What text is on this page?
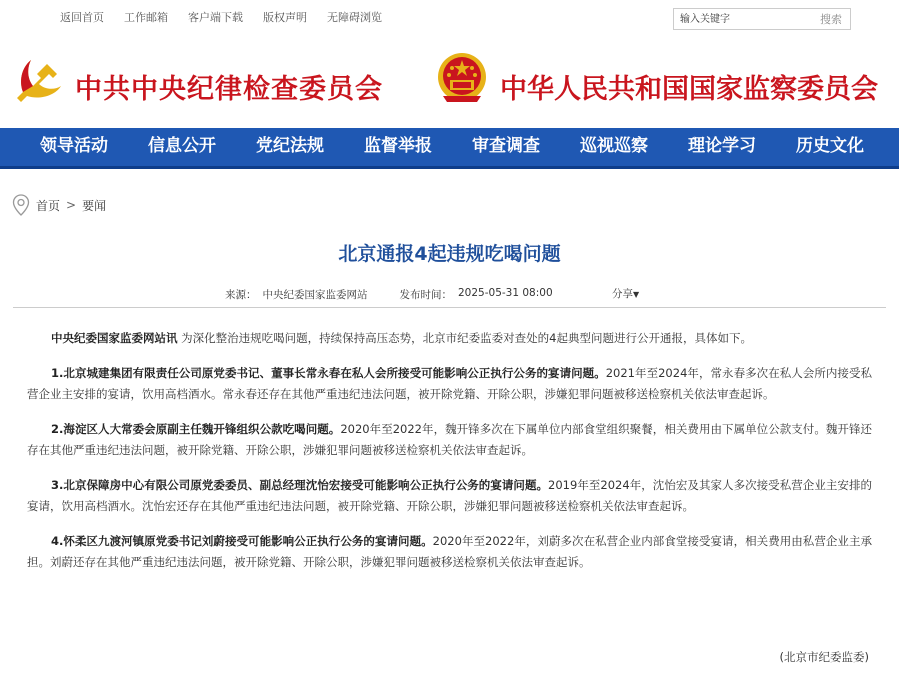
返回首页 工作邮箱 客户端下载 版权声明 无障碍浏览
输入关键字	搜索
中共中央纪律检查委员会	中华人民共和国国家监察委员会
领导活动	信息公开	党纪法规	监督举报	审查调查	巡视巡察	理论学习	历史文化
首页 > 要闻
北京通报4起违规吃喝问题
来源： 中央纪委国家监委网站	发布时间： 2025-05-31 08:00	分享▼

中央纪委国家监委网站讯 为深化整治违规吃喝问题，持续保持高压态势，北京市纪委监委对查处的4起典型问题进行公开通报，具体如下。

1.北京城建集团有限责任公司原党委书记、董事长常永春在私人会所接受可能影响公正执行公务的宴请问题。2021年至2024年，常永春多次在私人会所内接受私营企业主安排的宴请，饮用高档酒水。常永春还存在其他严重违纪违法问题，被开除党籍、开除公职，涉嫌犯罪问题被移送检察机关依法审查起诉。

2.海淀区人大常委会原副主任魏开锋组织公款吃喝问题。2020年至2022年，魏开锋多次在下属单位内部食堂组织聚餐，相关费用由下属单位公款支付。魏开锋还存在其他严重违纪违法问题，被开除党籍、开除公职，涉嫌犯罪问题被移送检察机关依法审查起诉。

3.北京保障房中心有限公司原党委委员、副总经理沈怡宏接受可能影响公正执行公务的宴请问题。2019年至2024年，沈怡宏及其家人多次接受私营企业主安排的宴请，饮用高档酒水。沈怡宏还存在其他严重违纪违法问题，被开除党籍、开除公职，涉嫌犯罪问题被移送检察机关依法审查起诉。

4.怀柔区九渡河镇原党委书记刘蔚接受可能影响公正执行公务的宴请问题。2020年至2022年，刘蔚多次在私营企业内部食堂接受宴请，相关费用由私营企业主承担。刘蔚还存在其他严重违纪违法问题，被开除党籍、开除公职，涉嫌犯罪问题被移送检察机关依法审查起诉。

(北京市纪委监委)
